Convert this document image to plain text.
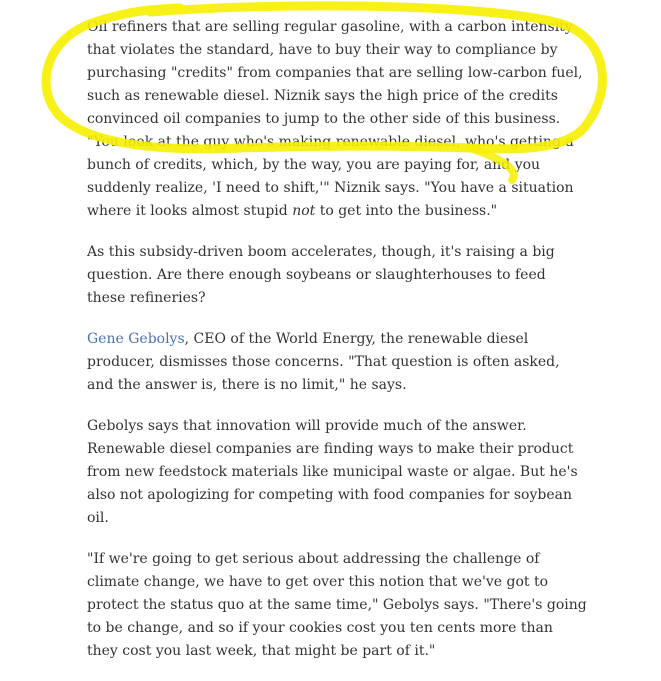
Oil refiners that are selling regular gasoline, with a carbon intensity that violates the standard, have to buy their way to compliance by purchasing "credits" from companies that are selling low-carbon fuel, such as renewable diesel. Niznik says the high price of the credits convinced oil companies to jump to the other side of this business. "You look at the guy who's making renewable diesel, who's getting a bunch of credits, which, by the way, you are paying for, and you suddenly realize, 'I need to shift,'" Niznik says. "You have a situation where it looks almost stupid not to get into the business."

As this subsidy-driven boom accelerates, though, it's raising a big question. Are there enough soybeans or slaughterhouses to feed these refineries?

Gene Gebolys, CEO of the World Energy, the renewable diesel producer, dismisses those concerns. "That question is often asked, and the answer is, there is no limit," he says.

Gebolys says that innovation will provide much of the answer. Renewable diesel companies are finding ways to make their product from new feedstock materials like municipal waste or algae. But he's also not apologizing for competing with food companies for soybean oil.

"If we're going to get serious about addressing the challenge of climate change, we have to get over this notion that we've got to protect the status quo at the same time," Gebolys says. "There's going to be change, and so if your cookies cost you ten cents more than they cost you last week, that might be part of it."
